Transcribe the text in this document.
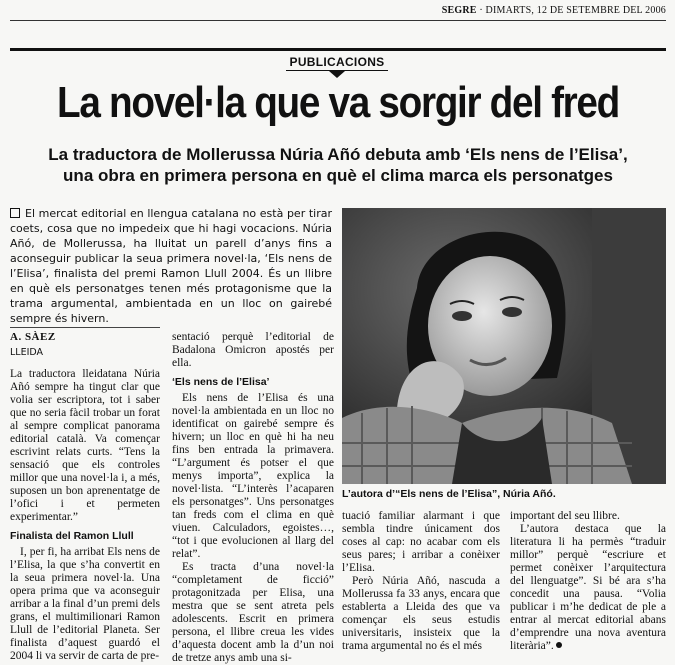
SEGRE · DIMARTS, 12 DE SETEMBRE DEL 2006
PUBLICACIONS
La novel·la que va sorgir del fred
La traductora de Mollerussa Núria Añó debuta amb ‘Els nens de l’Elisa’,
una obra en primera persona en què el clima marca els personatges
El mercat editorial en llengua catalana no està per tirar coets, cosa que no impedeix que hi hagi vocacions. Núria Añó, de Mollerussa, ha lluitat un parell d’anys fins a aconseguir publicar la seua primera novel·la, ‘Els nens de l’Elisa’, finalista del premi Ramon Llull 2004. És un llibre en què els personatges tenen més protagonisme que la trama argumental, ambientada en un lloc on gairebé sempre és hivern.
L’autora d’“Els nens de l’Elisa”, Núria Añó.
A. SÀEZ
LLEIDA

La traductora lleidatana Núria Añó sempre ha tingut clar que volia ser escriptora, tot i saber que no seria fàcil trobar un forat al sempre complicat panorama editorial català. Va començar escrivint relats curts. “Tens la sensació que els controles millor que una novel·la i, a més, suposen un bon aprenentatge de l’ofici i et permeten experimentar.”

Finalista del Ramon Llull

I, per fi, ha arribat Els nens de l’Elisa, la que s’ha convertit en la seua primera novel·la. Una opera prima que va aconseguir arribar a la final d’un premi dels grans, el multimilionari Ramon Llull de l’editorial Planeta. Ser finalista d’aquest guardó el 2004 li va servir de carta de pre-

sentació perquè l’editorial de Badalona Omicron apostés per ella.

‘Els nens de l’Elisa’

Els nens de l’Elisa és una novel·la ambientada en un lloc no identificat on gairebé sempre és hivern; un lloc en què hi ha neu fins ben entrada la primavera. “L’argument és potser el que menys importa”, explica la novel·lista. “L’interès l’acaparen els personatges”. Uns personatges tan freds com el clima en què viuen. Calculadors, egoistes…, “tot i que evolucionen al llarg del relat”.

Es tracta d’una novel·la “completament de ficció” protagonitzada per Elisa, una mestra que se sent atreta pels adolescents. Escrit en primera persona, el llibre creua les vides d’aquesta docent amb la d’un noi de tretze anys amb una si-

tuació familiar alarmant i que sembla tindre únicament dos coses al cap: no acabar com els seus pares; i arribar a conèixer l’Elisa.

Però Núria Añó, nascuda a Mollerussa fa 33 anys, encara que establerta a Lleida des que va començar els seus estudis universitaris, insisteix que la trama argumental no és el més

important del seu llibre.

L’autora destaca que la literatura li ha permès “traduir millor” perquè “escriure et permet conèixer l’arquitectura del llenguatge”. Si bé ara s’ha concedit una pausa. “Volia publicar i m’he dedicat de ple a entrar al mercat editorial abans d’emprendre una nova aventura literària”.
